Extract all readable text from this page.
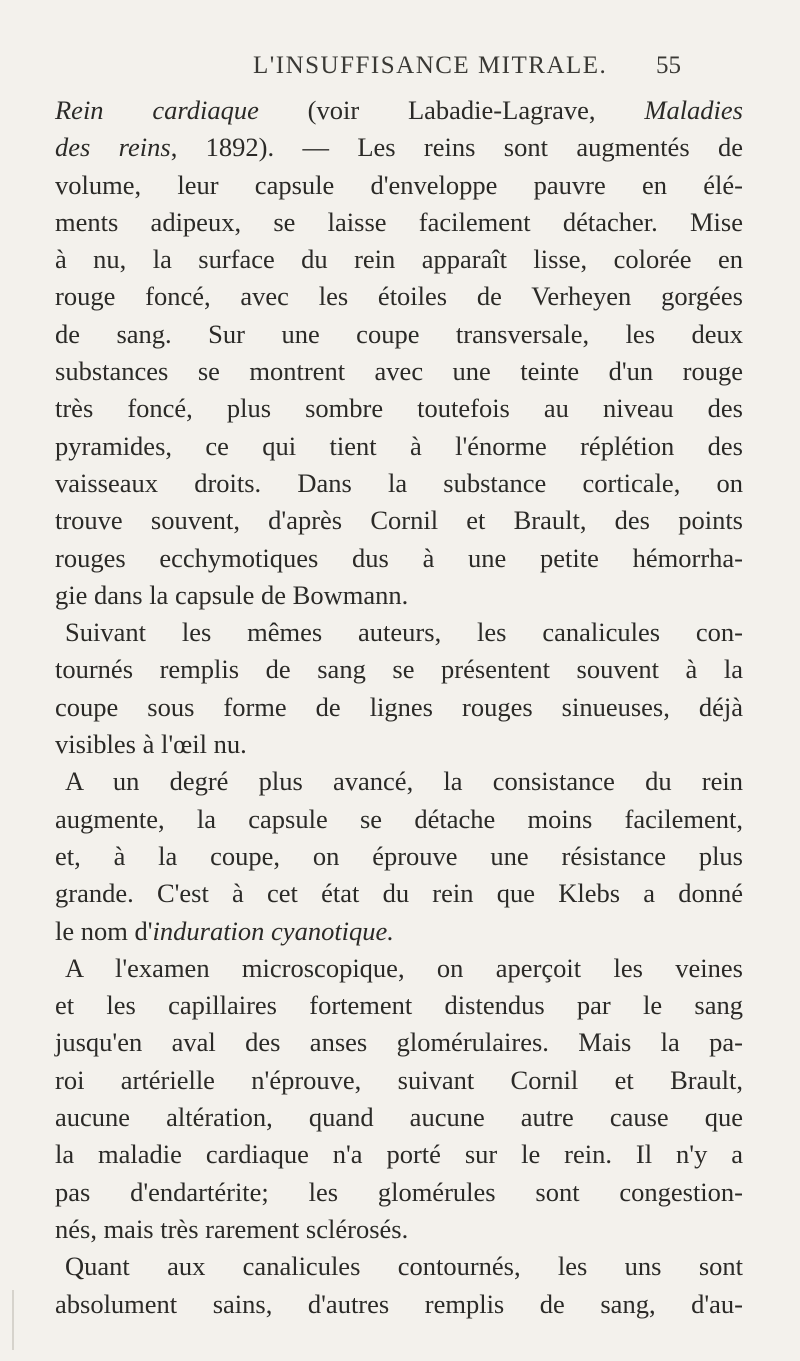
L'INSUFFISANCE MITRALE. 55
Rein cardiaque (voir Labadie-Lagrave, Maladies
des reins, 1892). — Les reins sont augmentés de
volume, leur capsule d'enveloppe pauvre en élé-
ments adipeux, se laisse facilement détacher. Mise
à nu, la surface du rein apparaît lisse, colorée en
rouge foncé, avec les étoiles de Verheyen gorgées
de sang. Sur une coupe transversale, les deux
substances se montrent avec une teinte d'un rouge
très foncé, plus sombre toutefois au niveau des
pyramides, ce qui tient à l'énorme réplétion des
vaisseaux droits. Dans la substance corticale, on
trouve souvent, d'après Cornil et Brault, des points
rouges ecchymotiques dus à une petite hémorrha-
gie dans la capsule de Bowmann.
Suivant les mêmes auteurs, les canalicules con-
tournés remplis de sang se présentent souvent à la
coupe sous forme de lignes rouges sinueuses, déjà
visibles à l'œil nu.
A un degré plus avancé, la consistance du rein
augmente, la capsule se détache moins facilement,
et, à la coupe, on éprouve une résistance plus
grande. C'est à cet état du rein que Klebs a donné
le nom d'induration cyanotique.
A l'examen microscopique, on aperçoit les veines
et les capillaires fortement distendus par le sang
jusqu'en aval des anses glomérulaires. Mais la pa-
roi artérielle n'éprouve, suivant Cornil et Brault,
aucune altération, quand aucune autre cause que
la maladie cardiaque n'a porté sur le rein. Il n'y a
pas d'endartérite; les glomérules sont congestion-
nés, mais très rarement sclérosés.
Quant aux canalicules contournés, les uns sont
absolument sains, d'autres remplis de sang, d'au-
